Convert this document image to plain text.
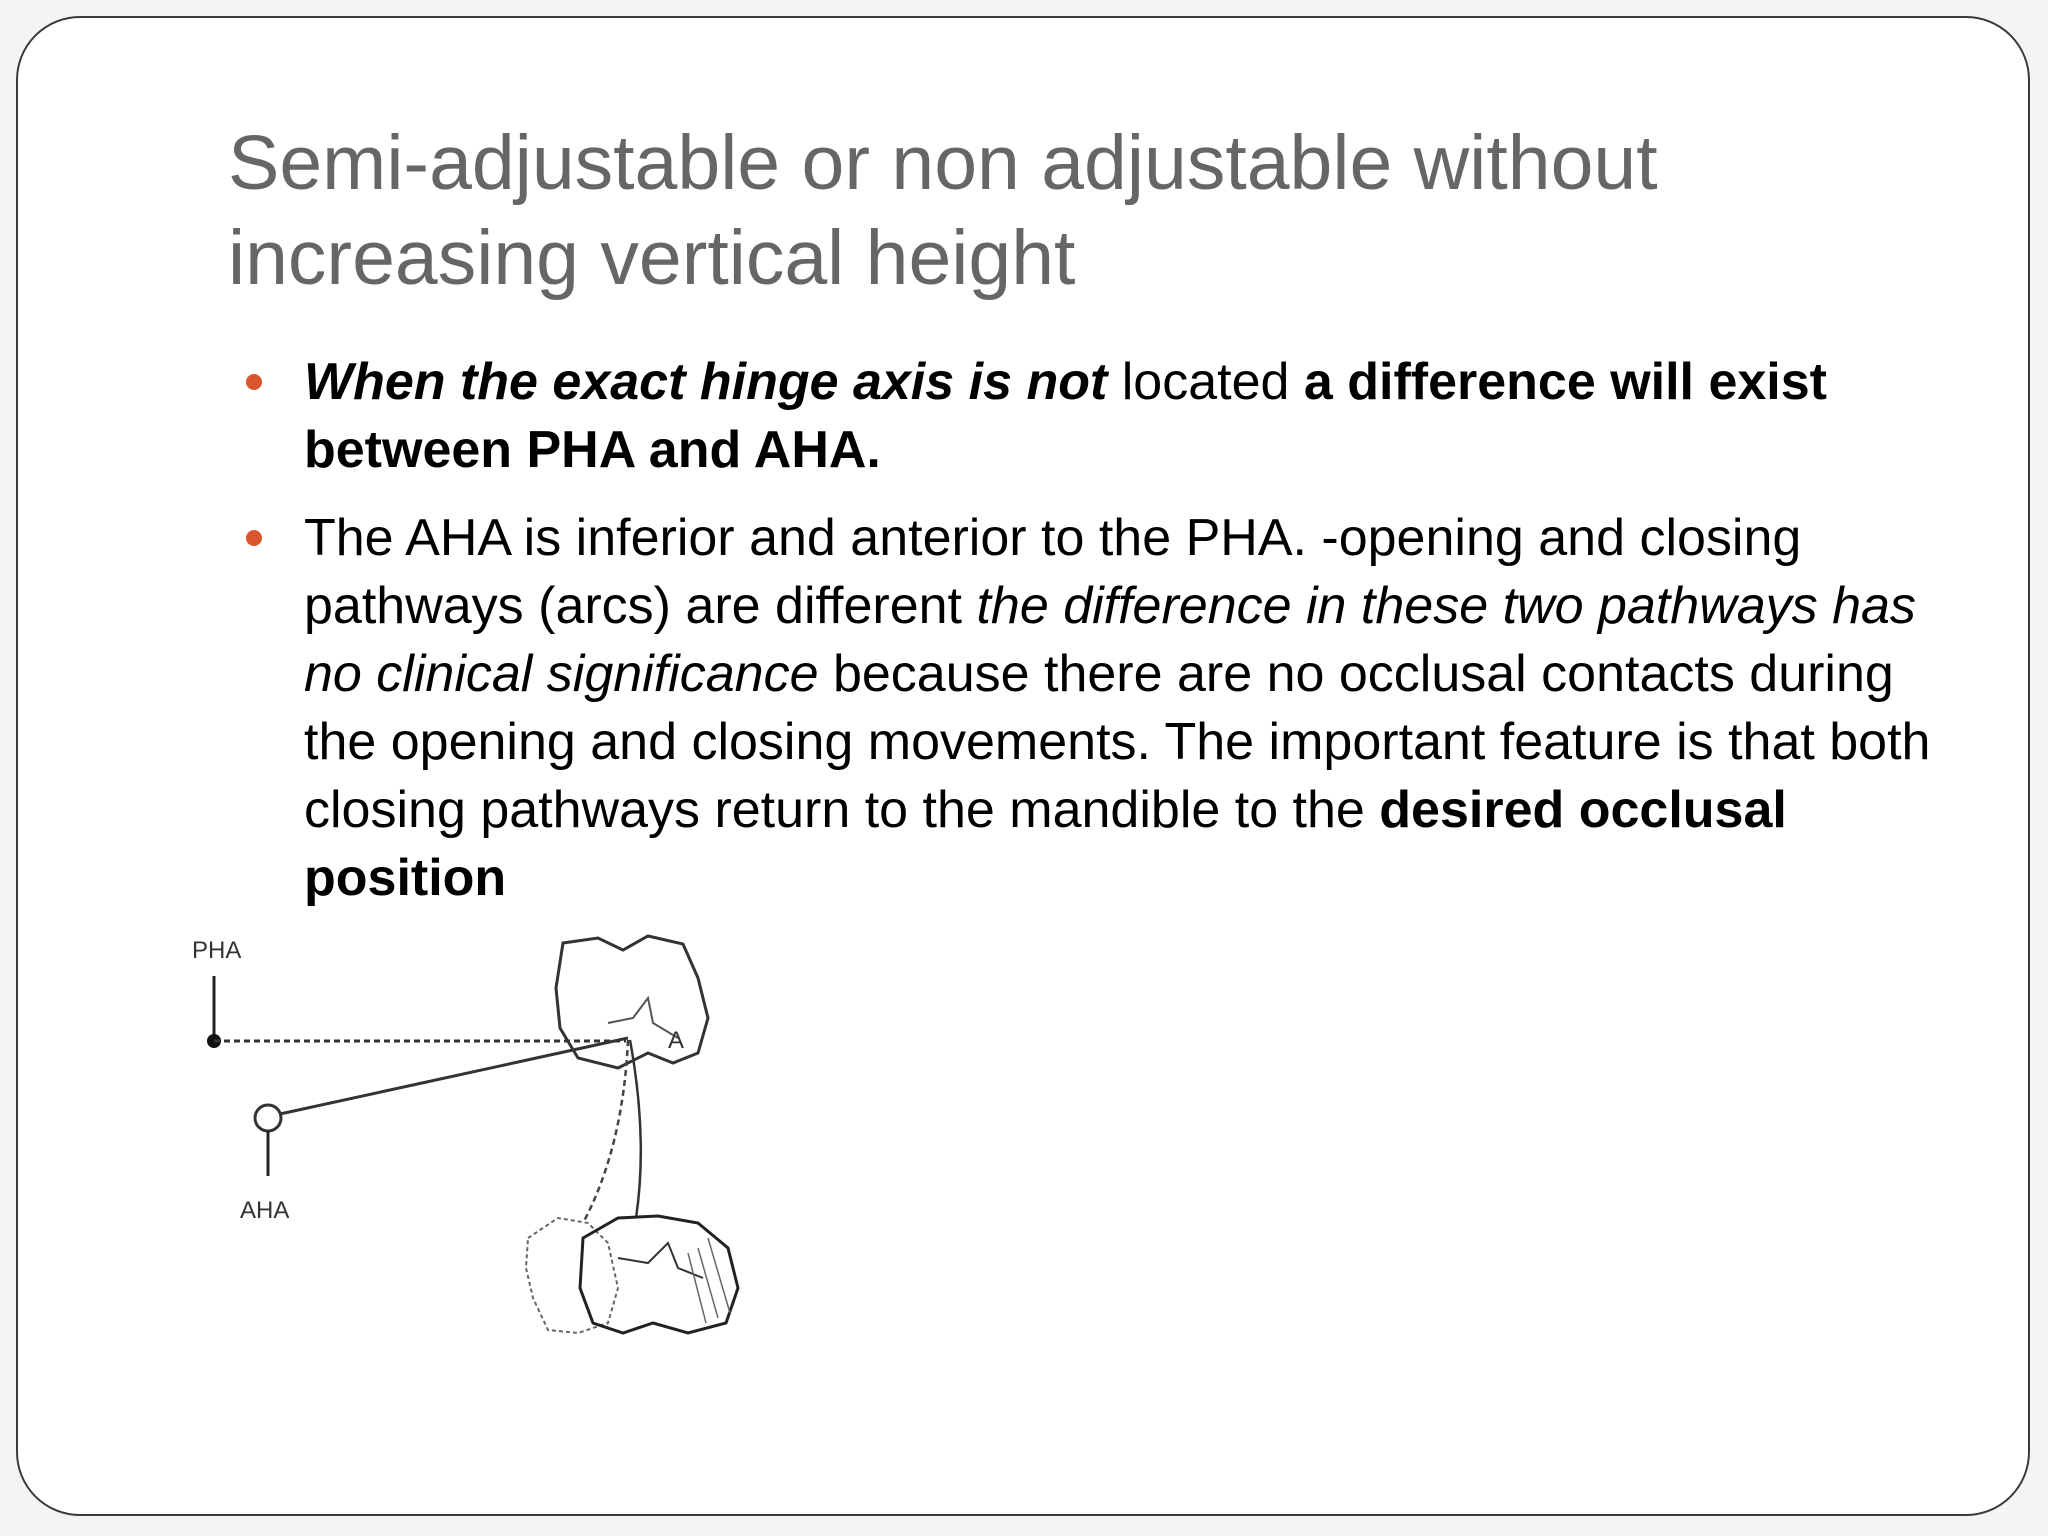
Semi-adjustable or non adjustable without increasing vertical height
When the exact hinge axis is not located a difference will exist between PHA and AHA.
The AHA is inferior and anterior to the PHA. -opening and closing pathways (arcs) are different the difference in these two pathways has no clinical significance because there are no occlusal contacts during the opening and closing movements. The important feature is that both closing pathways return to the mandible to the desired occlusal position
PHA
AHA
A
